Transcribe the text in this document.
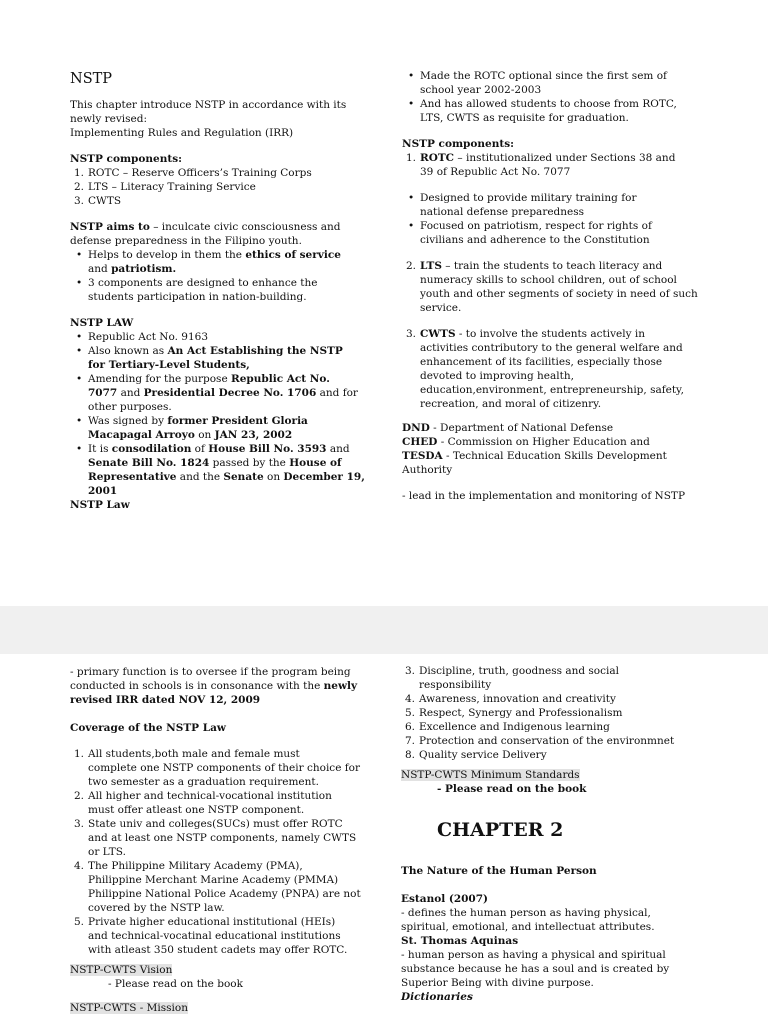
NSTP

This chapter introduce NSTP in accordance with its

newly revised:

Implementing Rules and Regulation (IRR)

NSTP components:

1. ROTC – Reserve Officers’s Training Corps
2. LTS – Literacy Training Service
3. CWTS

NSTP aims to – inculcate civic consciousness and

defense preparedness in the Filipino youth.

• Helps to develop in them the ethics of service
and patriotism.
• 3 components are designed to enhance the
students participation in nation-building.

NSTP LAW

• Republic Act No. 9163
• Also known as An Act Establishing the NSTP
for Tertiary-Level Students,
• Amending for the purpose Republic Act No.
7077 and Presidential Decree No. 1706 and for
other purposes.
• Was signed by former President Gloria
Macapagal Arroyo on JAN 23, 2002
• It is consodilation of House Bill No. 3593 and
Senate Bill No. 1824 passed by the House of
Representative and the Senate on December 19,
2001

NSTP Law

• Made the ROTC optional since the first sem of
school year 2002-2003
• And has allowed students to choose from ROTC,
LTS, CWTS as requisite for graduation.

NSTP components:

1. ROTC – institutionalized under Sections 38 and
39 of Republic Act No. 7077
• Designed to provide military training for
national defense preparedness
• Focused on patriotism, respect for rights of
civilians and adherence to the Constitution
2. LTS – train the students to teach literacy and
numeracy skills to school children, out of school
youth and other segments of society in need of such
service.
3. CWTS - to involve the students actively in
activities contributory to the general welfare and
enhancement of its facilities, especially those
devoted to improving health,
education,environment, entrepreneurship, safety,
recreation, and moral of citizenry.

DND - Department of National Defense

CHED - Commission on Higher Education and

TESDA - Technical Education Skills Development

Authority

- lead in the implementation and monitoring of NSTP

- primary function is to oversee if the program being

conducted in schools is in consonance with the newly

revised IRR dated NOV 12, 2009

Coverage of the NSTP Law

1. All students,both male and female must
complete one NSTP components of their choice for
two semester as a graduation requirement.
2. All higher and technical-vocational institution
must offer atleast one NSTP component.
3. State univ and colleges(SUCs) must offer ROTC
and at least one NSTP components, namely CWTS
or LTS.
4. The Philippine Military Academy (PMA),
Philippine Merchant Marine Academy (PMMA)
Philippine National Police Academy (PNPA) are not
covered by the NSTP law.
5. Private higher educational institutional (HEIs)
and technical-vocatinal educational institutions
with atleast 350 student cadets may offer ROTC.

NSTP-CWTS Vision

- Please read on the book

NSTP-CWTS - Mission

3. Discipline, truth, goodness and social
responsibility
4. Awareness, innovation and creativity
5. Respect, Synergy and Professionalism
6. Excellence and Indigenous learning
7. Protection and conservation of the environmnet
8. Quality service Delivery

NSTP-CWTS Minimum Standards

- Please read on the book

CHAPTER 2

The Nature of the Human Person

Estanol (2007)

- defines the human person as having physical,

spiritual, emotional, and intellectuat attributes.

St. Thomas Aquinas

- human person as having a physical and spiritual

substance because he has a soul and is created by

Superior Being with divine purpose.

Dictionaries
